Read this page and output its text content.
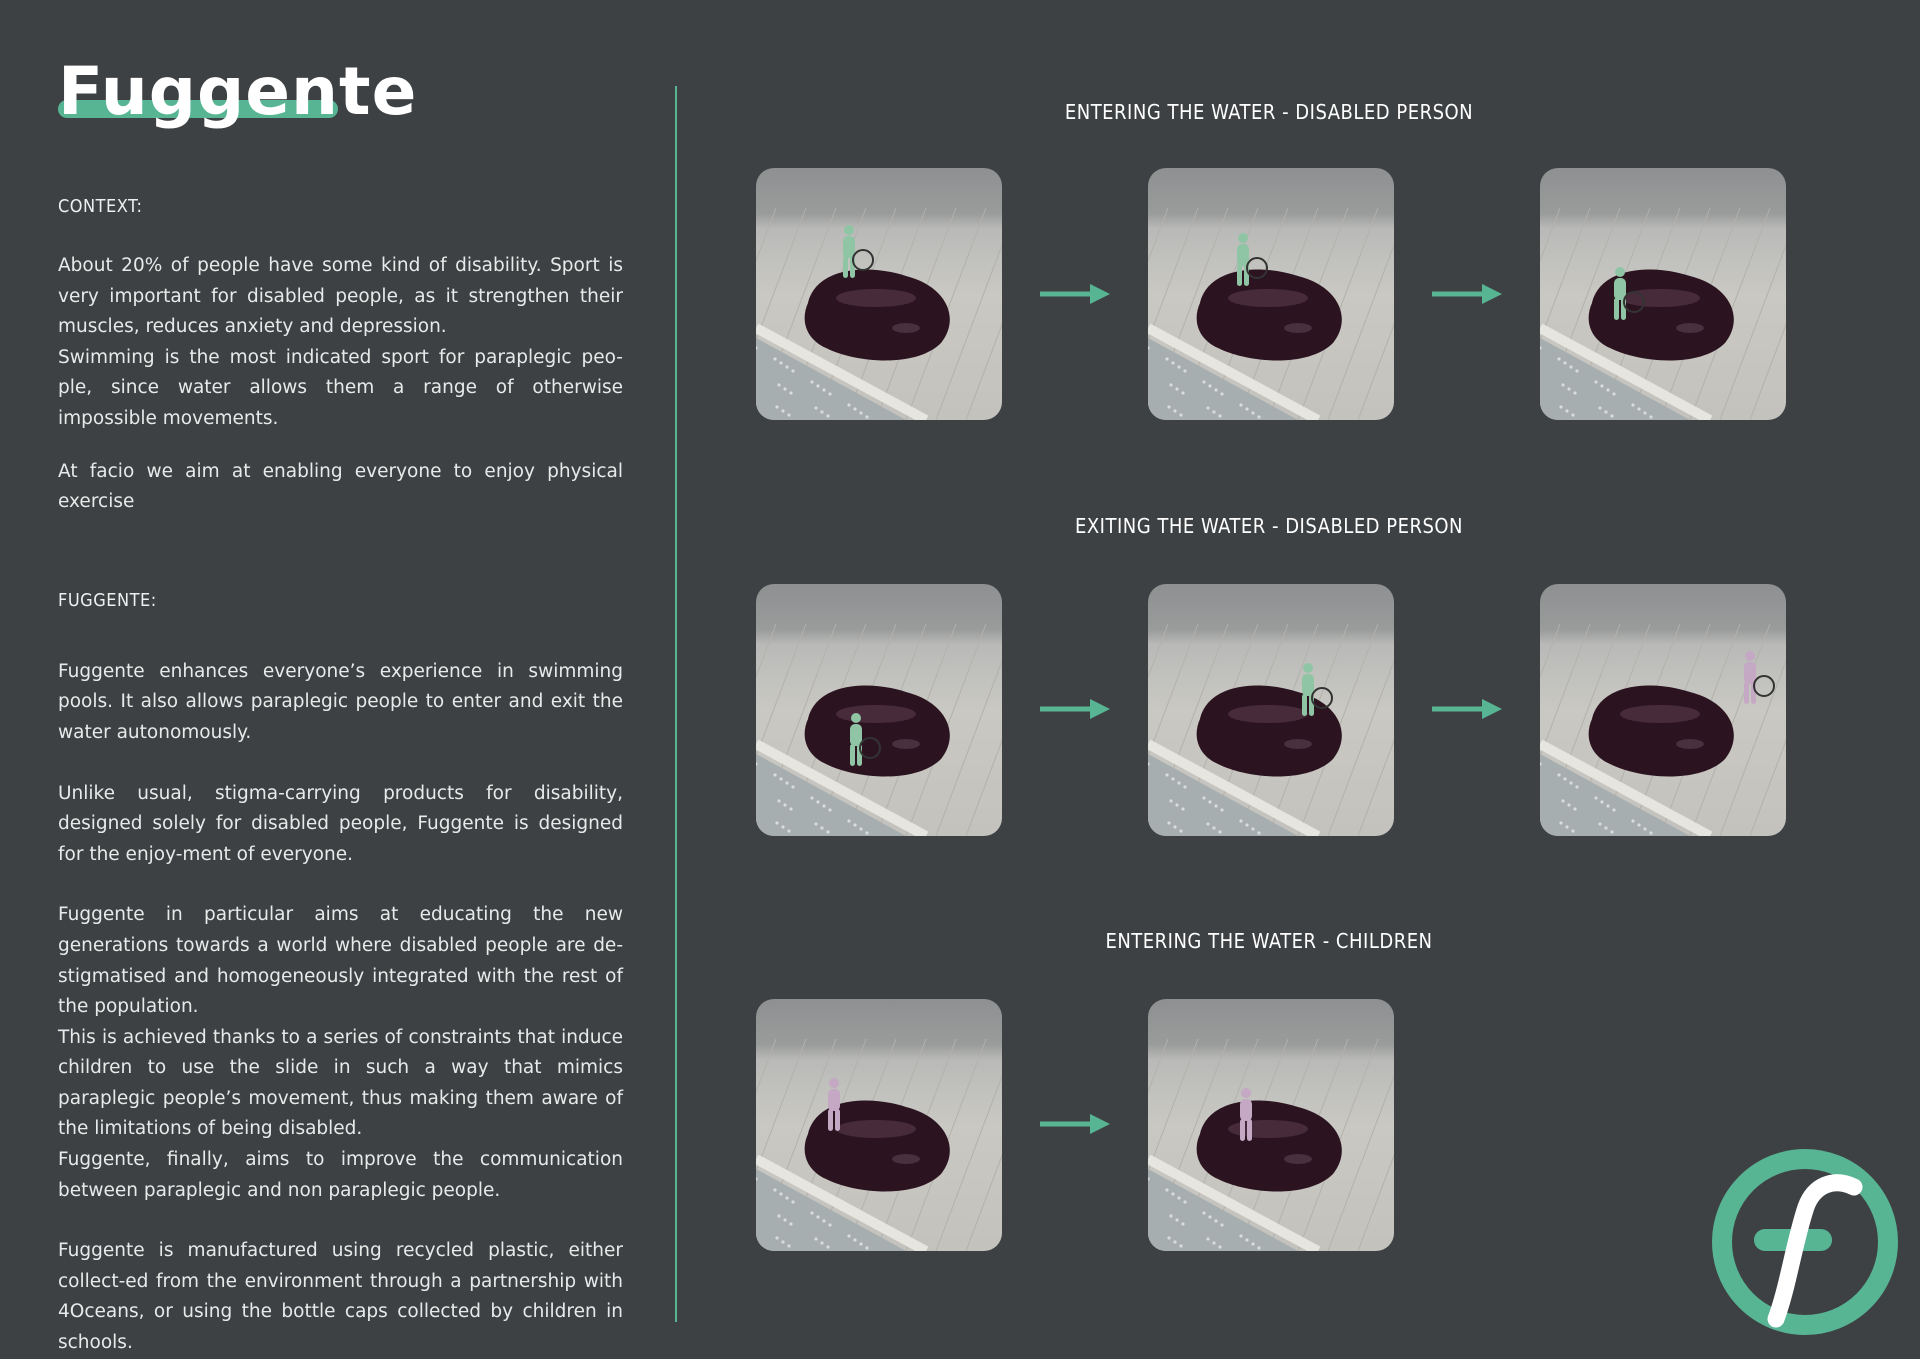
Fuggente
CONTEXT:

About 20% of people have some kind of disability. Sport is very important for disabled people, as it strengthen their muscles, reduces anxiety and depression.

Swimming is the most indicated sport for paraplegic peo-ple, since water allows them a range of otherwise impossible movements.

At facio we aim at enabling everyone to enjoy physical exercise

FUGGENTE:

Fuggente enhances everyone’s experience in swimming pools. It also allows paraplegic people to enter and exit the water autonomously.

Unlike usual, stigma-carrying products for disability, designed solely for disabled people, Fuggente is designed for the enjoy-ment of everyone.

Fuggente in particular aims at educating the new generations towards a world where disabled people are de-stigmatised and homogeneously integrated with the rest of the population.

This is achieved thanks to a series of constraints that induce children to use the slide in such a way that mimics paraplegic people’s movement, thus making them aware of the limitations of being disabled.

Fuggente, finally, aims to improve the communication between paraplegic and non paraplegic people.

Fuggente is manufactured using recycled plastic, either collect-ed from the environment through a partnership with 4Oceans, or using the bottle caps collected by children in schools.

ENTERING THE WATER - DISABLED PERSON
EXITING THE WATER - DISABLED PERSON
ENTERING THE WATER - CHILDREN
